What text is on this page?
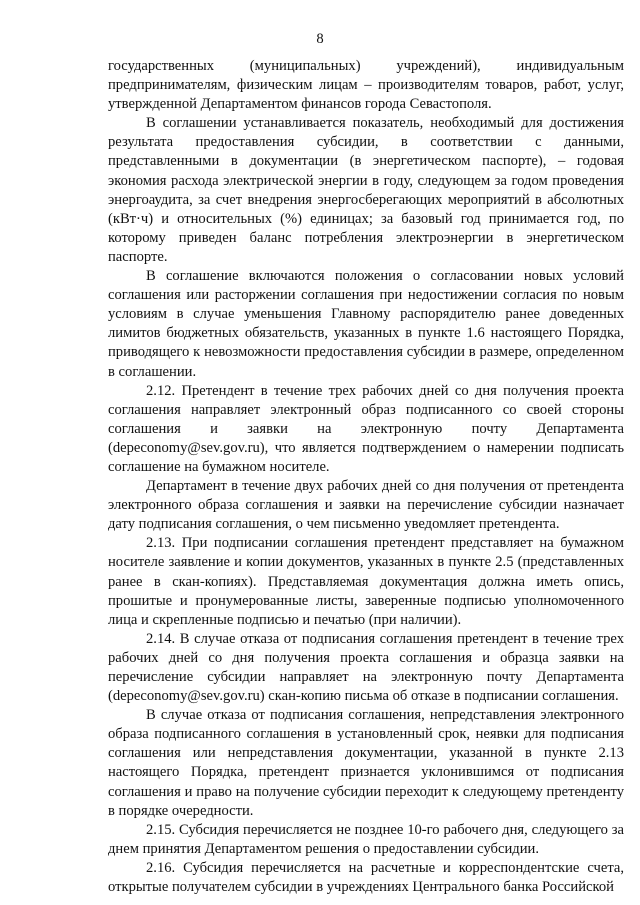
8

государственных (муниципальных) учреждений), индивидуальным предпринимателям, физическим лицам – производителям товаров, работ, услуг, утвержденной Департаментом финансов города Севастополя.

В соглашении устанавливается показатель, необходимый для достижения результата предоставления субсидии, в соответствии с данными, представленными в документации (в энергетическом паспорте), – годовая экономия расхода электрической энергии в году, следующем за годом проведения энергоаудита, за счет внедрения энергосберегающих мероприятий в абсолютных (кВт·ч) и относительных (%) единицах; за базовый год принимается год, по которому приведен баланс потребления электроэнергии в энергетическом паспорте.

В соглашение включаются положения о согласовании новых условий соглашения или расторжении соглашения при недостижении согласия по новым условиям в случае уменьшения Главному распорядителю ранее доведенных лимитов бюджетных обязательств, указанных в пункте 1.6 настоящего Порядка, приводящего к невозможности предоставления субсидии в размере, определенном в соглашении.

2.12. Претендент в течение трех рабочих дней со дня получения проекта соглашения направляет электронный образ подписанного со своей стороны соглашения и заявки на электронную почту Департамента (depeconomy@sev.gov.ru), что является подтверждением о намерении подписать соглашение на бумажном носителе.

Департамент в течение двух рабочих дней со дня получения от претендента электронного образа соглашения и заявки на перечисление субсидии назначает дату подписания соглашения, о чем письменно уведомляет претендента.

2.13. При подписании соглашения претендент представляет на бумажном носителе заявление и копии документов, указанных в пункте 2.5 (представленных ранее в скан-копиях). Представляемая документация должна иметь опись, прошитые и пронумерованные листы, заверенные подписью уполномоченного лица и скрепленные подписью и печатью (при наличии).

2.14. В случае отказа от подписания соглашения претендент в течение трех рабочих дней со дня получения проекта соглашения и образца заявки на перечисление субсидии направляет на электронную почту Департамента (depeconomy@sev.gov.ru) скан-копию письма об отказе в подписании соглашения.

В случае отказа от подписания соглашения, непредставления электронного образа подписанного соглашения в установленный срок, неявки для подписания соглашения или непредставления документации, указанной в пункте 2.13 настоящего Порядка, претендент признается уклонившимся от подписания соглашения и право на получение субсидии переходит к следующему претенденту в порядке очередности.

2.15. Субсидия перечисляется не позднее 10-го рабочего дня, следующего за днем принятия Департаментом решения о предоставлении субсидии.

2.16. Субсидия перечисляется на расчетные и корреспондентские счета, открытые получателем субсидии в учреждениях Центрального банка Российской
